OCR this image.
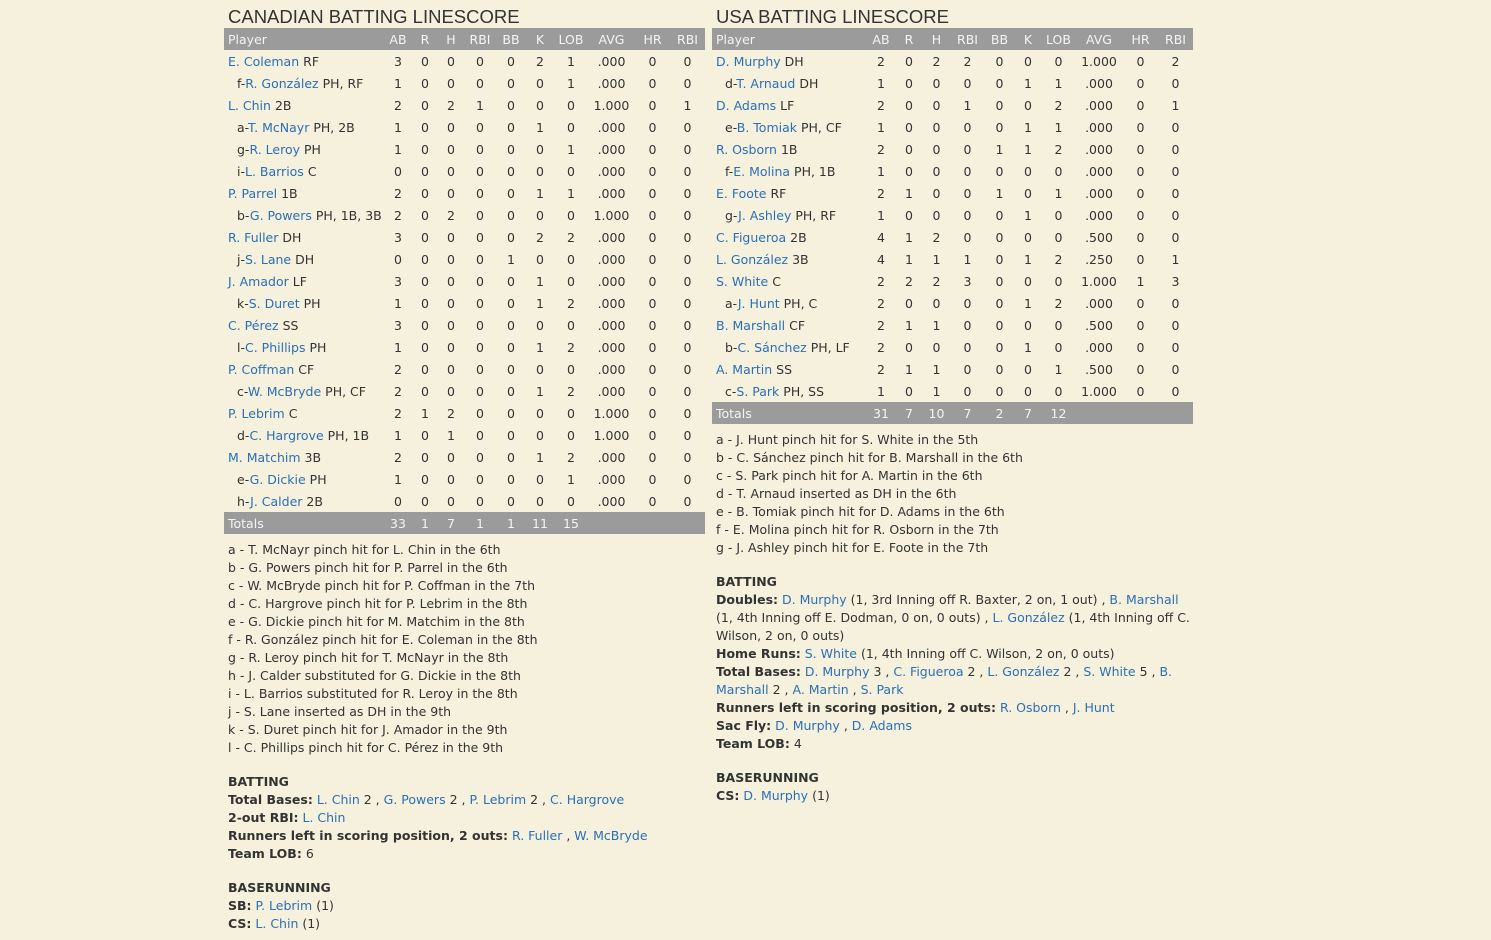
CANADIAN BATTING LINESCORE
Player	AB	R	H	RBI	BB	K	LOB	AVG	HR	RBI
E. Coleman RF	3	0	0	0	0	2	1	.000	0	0
f-R. González PH, RF	1	0	0	0	0	0	1	.000	0	0
L. Chin 2B	2	0	2	1	0	0	0	1.000	0	1
a-T. McNayr PH, 2B	1	0	0	0	0	1	0	.000	0	0
g-R. Leroy PH	1	0	0	0	0	0	1	.000	0	0
i-L. Barrios C	0	0	0	0	0	0	0	.000	0	0
P. Parrel 1B	2	0	0	0	0	1	1	.000	0	0
b-G. Powers PH, 1B, 3B	2	0	2	0	0	0	0	1.000	0	0
R. Fuller DH	3	0	0	0	0	2	2	.000	0	0
j-S. Lane DH	0	0	0	0	1	0	0	.000	0	0
J. Amador LF	3	0	0	0	0	1	0	.000	0	0
k-S. Duret PH	1	0	0	0	0	1	2	.000	0	0
C. Pérez SS	3	0	0	0	0	0	0	.000	0	0
l-C. Phillips PH	1	0	0	0	0	1	2	.000	0	0
P. Coffman CF	2	0	0	0	0	0	0	.000	0	0
c-W. McBryde PH, CF	2	0	0	0	0	1	2	.000	0	0
P. Lebrim C	2	1	2	0	0	0	0	1.000	0	0
d-C. Hargrove PH, 1B	1	0	1	0	0	0	0	1.000	0	0
M. Matchim 3B	2	0	0	0	0	1	2	.000	0	0
e-G. Dickie PH	1	0	0	0	0	0	1	.000	0	0
h-J. Calder 2B	0	0	0	0	0	0	0	.000	0	0
Totals	33	1	7	1	1	11	15			
a - T. McNayr pinch hit for L. Chin in the 6th
b - G. Powers pinch hit for P. Parrel in the 6th
c - W. McBryde pinch hit for P. Coffman in the 7th
d - C. Hargrove pinch hit for P. Lebrim in the 8th
e - G. Dickie pinch hit for M. Matchim in the 8th
f - R. González pinch hit for E. Coleman in the 8th
g - R. Leroy pinch hit for T. McNayr in the 8th
h - J. Calder substituted for G. Dickie in the 8th
i - L. Barrios substituted for R. Leroy in the 8th
j - S. Lane inserted as DH in the 9th
k - S. Duret pinch hit for J. Amador in the 9th
l - C. Phillips pinch hit for C. Pérez in the 9th
BATTING
Total Bases: L. Chin 2 , G. Powers 2 , P. Lebrim 2 , C. Hargrove
2-out RBI: L. Chin
Runners left in scoring position, 2 outs: R. Fuller , W. McBryde
Team LOB: 6
BASERUNNING
SB: P. Lebrim (1)
CS: L. Chin (1)
USA BATTING LINESCORE
Player	AB	R	H	RBI	BB	K	LOB	AVG	HR	RBI
D. Murphy DH	2	0	2	2	0	0	0	1.000	0	2
d-T. Arnaud DH	1	0	0	0	0	1	1	.000	0	0
D. Adams LF	2	0	0	1	0	0	2	.000	0	1
e-B. Tomiak PH, CF	1	0	0	0	0	1	1	.000	0	0
R. Osborn 1B	2	0	0	0	1	1	2	.000	0	0
f-E. Molina PH, 1B	1	0	0	0	0	0	0	.000	0	0
E. Foote RF	2	1	0	0	1	0	1	.000	0	0
g-J. Ashley PH, RF	1	0	0	0	0	1	0	.000	0	0
C. Figueroa 2B	4	1	2	0	0	0	0	.500	0	0
L. González 3B	4	1	1	1	0	1	2	.250	0	1
S. White C	2	2	2	3	0	0	0	1.000	1	3
a-J. Hunt PH, C	2	0	0	0	0	1	2	.000	0	0
B. Marshall CF	2	1	1	0	0	0	0	.500	0	0
b-C. Sánchez PH, LF	2	0	0	0	0	1	0	.000	0	0
A. Martin SS	2	1	1	0	0	0	1	.500	0	0
c-S. Park PH, SS	1	0	1	0	0	0	0	1.000	0	0
Totals	31	7	10	7	2	7	12			
a - J. Hunt pinch hit for S. White in the 5th
b - C. Sánchez pinch hit for B. Marshall in the 6th
c - S. Park pinch hit for A. Martin in the 6th
d - T. Arnaud inserted as DH in the 6th
e - B. Tomiak pinch hit for D. Adams in the 6th
f - E. Molina pinch hit for R. Osborn in the 7th
g - J. Ashley pinch hit for E. Foote in the 7th
BATTING
Doubles: D. Murphy (1, 3rd Inning off R. Baxter, 2 on, 1 out) , B. Marshall (1, 4th Inning off E. Dodman, 0 on, 0 outs) , L. González (1, 4th Inning off C. Wilson, 2 on, 0 outs)
Home Runs: S. White (1, 4th Inning off C. Wilson, 2 on, 0 outs)
Total Bases: D. Murphy 3 , C. Figueroa 2 , L. González 2 , S. White 5 , B. Marshall 2 , A. Martin , S. Park
Runners left in scoring position, 2 outs: R. Osborn , J. Hunt
Sac Fly: D. Murphy , D. Adams
Team LOB: 4
BASERUNNING
CS: D. Murphy (1)
